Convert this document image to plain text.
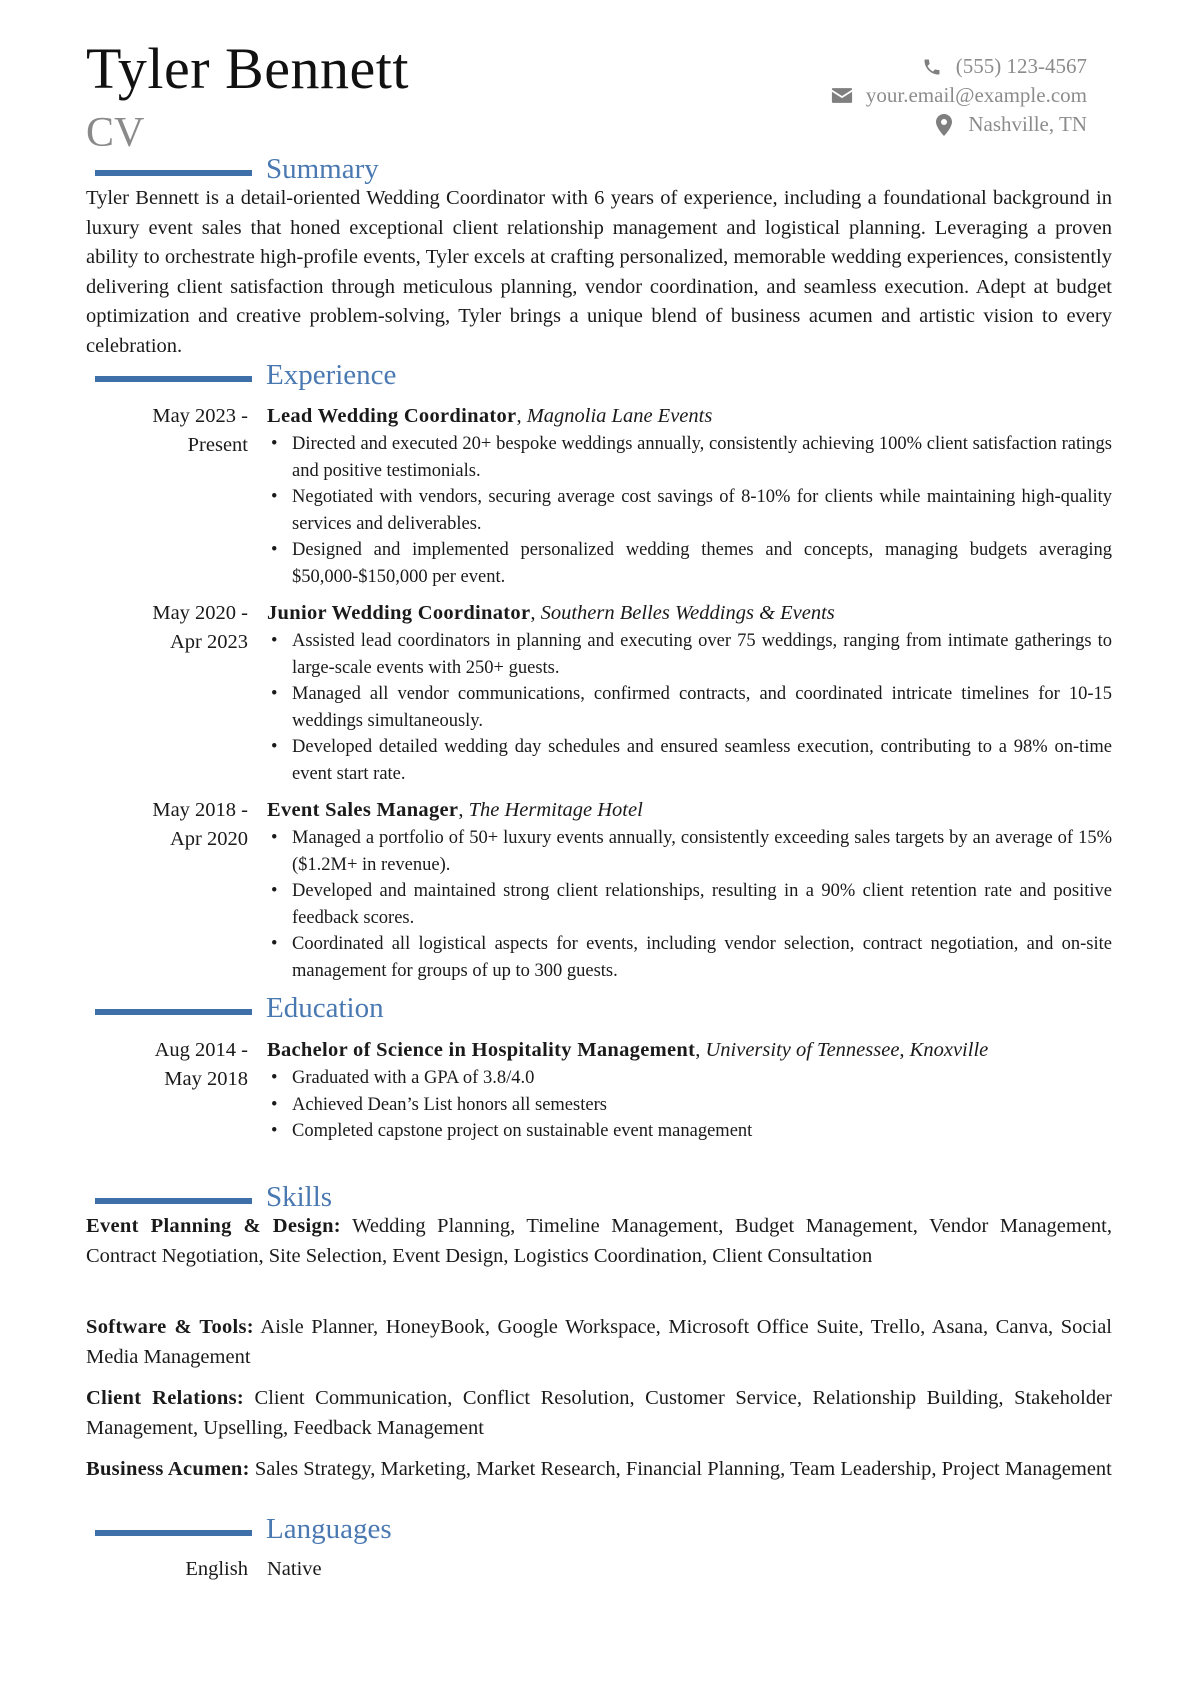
Tyler Bennett
CV
(555) 123-4567
your.email@example.com
Nashville, TN
Summary
Tyler Bennett is a detail-oriented Wedding Coordinator with 6 years of experience, including a foundational background in luxury event sales that honed exceptional client relationship management and logistical planning. Leveraging a proven ability to orchestrate high-profile events, Tyler excels at crafting personalized, memorable wedding experiences, consistently delivering client satisfaction through meticulous planning, vendor coordination, and seamless execution. Adept at budget optimization and creative problem-solving, Tyler brings a unique blend of business acumen and artistic vision to every celebration.
Experience
May 2023 -
Present
Lead Wedding Coordinator, Magnolia Lane Events
• Directed and executed 20+ bespoke weddings annually, consistently achieving 100% client satisfaction ratings and positive testimonials.
• Negotiated with vendors, securing average cost savings of 8-10% for clients while maintaining high-quality services and deliverables.
• Designed and implemented personalized wedding themes and concepts, managing budgets averaging $50,000-$150,000 per event.
May 2020 -
Apr 2023
Junior Wedding Coordinator, Southern Belles Weddings & Events
• Assisted lead coordinators in planning and executing over 75 weddings, ranging from intimate gatherings to large-scale events with 250+ guests.
• Managed all vendor communications, confirmed contracts, and coordinated intricate timelines for 10-15 weddings simultaneously.
• Developed detailed wedding day schedules and ensured seamless execution, contributing to a 98% on-time event start rate.
May 2018 -
Apr 2020
Event Sales Manager, The Hermitage Hotel
• Managed a portfolio of 50+ luxury events annually, consistently exceeding sales targets by an average of 15% ($1.2M+ in revenue).
• Developed and maintained strong client relationships, resulting in a 90% client retention rate and positive feedback scores.
• Coordinated all logistical aspects for events, including vendor selection, contract negotiation, and on-site management for groups of up to 300 guests.
Education
Aug 2014 -
May 2018
Bachelor of Science in Hospitality Management, University of Tennessee, Knoxville
• Graduated with a GPA of 3.8/4.0
• Achieved Dean’s List honors all semesters
• Completed capstone project on sustainable event management
Skills
Event Planning & Design: Wedding Planning, Timeline Management, Budget Management, Vendor Management, Contract Negotiation, Site Selection, Event Design, Logistics Coordination, Client Consultation
Software & Tools: Aisle Planner, HoneyBook, Google Workspace, Microsoft Office Suite, Trello, Asana, Canva, Social Media Management
Client Relations: Client Communication, Conflict Resolution, Customer Service, Relationship Building, Stakeholder Management, Upselling, Feedback Management
Business Acumen: Sales Strategy, Marketing, Market Research, Financial Planning, Team Leadership, Project Management
Languages
English Native
